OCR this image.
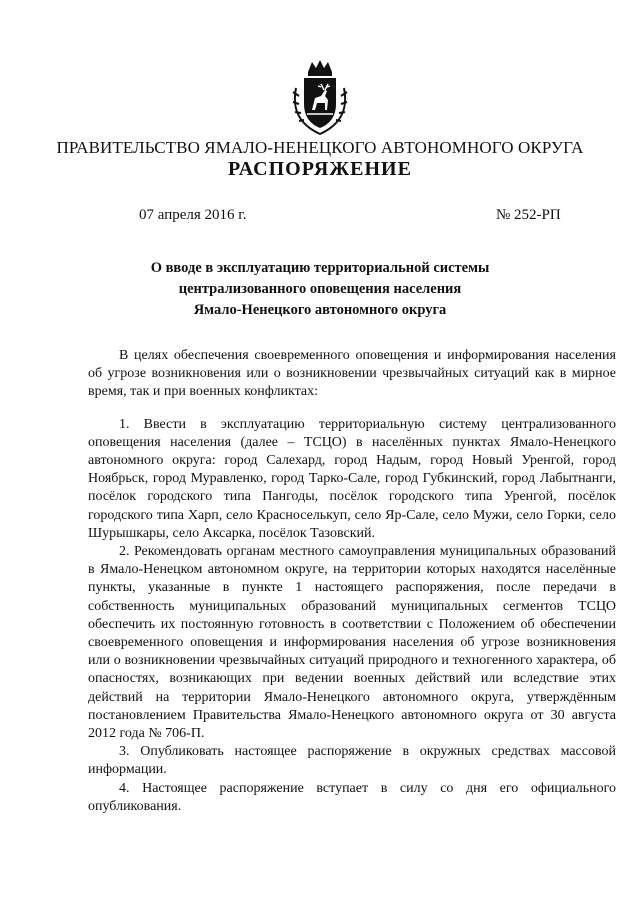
ПРАВИТЕЛЬСТВО ЯМАЛО-НЕНЕЦКОГО АВТОНОМНОГО ОКРУГА
РАСПОРЯЖЕНИЕ
07 апреля 2016 г.	№ 252-РП
О вводе в эксплуатацию территориальной системы
централизованного оповещения населения
Ямало-Ненецкого автономного округа

В целях обеспечения своевременного оповещения и информирования населения об угрозе возникновения или о возникновении чрезвычайных ситуаций как в мирное время, так и при военных конфликтах:

1. Ввести в эксплуатацию территориальную систему централизованного оповещения населения (далее – ТСЦО) в населённых пунктах Ямало-Ненецкого автономного округа: город Салехард, город Надым, город Новый Уренгой, город Ноябрьск, город Муравленко, город Тарко-Сале, город Губкинский, город Лабытнанги, посёлок городского типа Пангоды, посёлок городского типа Уренгой, посёлок городского типа Харп, село Красноселькуп, село Яр-Сале, село Мужи, село Горки, село Шурышкары, село Аксарка, посёлок Тазовский.

2. Рекомендовать органам местного самоуправления муниципальных образований в Ямало-Ненецком автономном округе, на территории которых находятся населённые пункты, указанные в пункте 1 настоящего распоряжения, после передачи в собственность муниципальных образований муниципальных сегментов ТСЦО обеспечить их постоянную готовность в соответствии с Положением об обеспечении своевременного оповещения и информирования населения об угрозе возникновения или о возникновении чрезвычайных ситуаций природного и техногенного характера, об опасностях, возникающих при ведении военных действий или вследствие этих действий на территории Ямало-Ненецкого автономного округа, утверждённым постановлением Правительства Ямало-Ненецкого автономного округа от 30 августа 2012 года № 706-П.

3. Опубликовать настоящее распоряжение в окружных средствах массовой информации.

4. Настоящее распоряжение вступает в силу со дня его официального опубликования.
